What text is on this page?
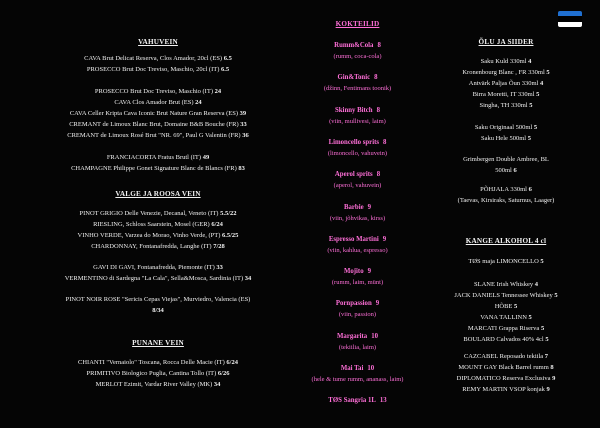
VAHUVEIN
CAVA Brut Delicat Reserva, Clos Amador, 20cl (ES) 6.5
PROSECCO Brut Doc Treviso, Maschio, 20cl (IT) 6.5
PROSECCO Brut Doc Treviso, Maschio (IT) 24
CAVA Clos Amador Brut (ES) 24
CAVA Celler Kripta Cava Iconic Brut Nature Gran Reserva (ES) 39
CREMANT de Limoux Blanc Brut, Domaine B&B Bouche (FR) 33
CREMANT de Limoux Rosé Brut "NR. 69", Paul G Valentin (FR) 36
FRANCIACORTA Fratus Brutl (IT) 49
CHAMPAGNE Philippe Gonet Signature Blanc de Blancs (FR) 83
VALGE JA ROOSA VEIN
PINOT GRIGIO Delle Venezie, Decanal, Veneto (IT) 5.5/22
RIESLING, Schloss Saarstein, Mosel (GER) 6/24
VINHO VERDE, Varzea do Morao, Vinho Verde, (PT) 6.5/25
CHARDONNAY, Fontanafredda, Langhe (IT) 7/28
GAVI DI GAVI, Fontanafredda, Piemonte (IT) 33
VERMENTINO di Sardegna "La Cala", Sella&Mosca, Sardinia (IT) 34
PINOT NOIR ROSE "Sericis Cepas Viejas", Murviedro, Valencia (ES)
8/34
PUNANE VEIN
CHIANTI "Vernaiolo" Toscana, Rocca Delle Macie (IT) 6/24
PRIMITIVO Biologico Puglia, Cantina Tollo (IT) 6/26
MERLOT Ezimit, Vardar River Valley (MK) 34
KOKTEILID
Rumm&Cola 8
(rumm, coca-cola)
Gin&Tonic 8
(džinn, Fentimans toonik)
Skinny Bitch 8
(viin, mullivesi, laim)
Limoncello sprits 8
(limoncello, vahuvein)
Aperol sprits 8
(aperol, vahuvein)
Barbie 9
(viin, jõhvikas, kirss)
Espresso Martini 9
(viin, kahlua, espresso)
Mojito 9
(rumm, laim, münt)
Pornpassion 9
(viin, passion)
Margarita 10
(tekiilia, laim)
Mai Tai 10
(hele & tume rumm, ananass, laim)
TØS Sangria 1L 13
ÕLU JA SIIDER
Saku Kuld 330ml 4
Kronenbourg Blanc , FR 330ml 5
Antvärk Paljas Õun 330ml 4
Birra Moretti, IT 330ml 5
Singha, TH 330ml 5
Saku Originaal 500ml 5
Saku Hele 500ml 5
Grimbergen Double Ambree, BL
500ml 6
PÕHJALA 330ml 6
(Taevas, Kirsiraks, Saturnus, Laager)
KANGE ALKOHOL 4 cl
TØS maja LIMONCELLO 5
SLANE Irish Whiskey 4
JACK DANIELS Tennessee Whiskey 5
HÕBE 5
VANA TALLINN 5
MARCATI Grappa Riserva 5
BOULARD Calvados 40% 4cl 5
CAZCABEL Reposado tekiila 7
MOUNT GAY Black Barrel rumm 8
DIPLOMATICO Reserva Exclusiva 9
REMY MARTIN VSOP konjak 9
